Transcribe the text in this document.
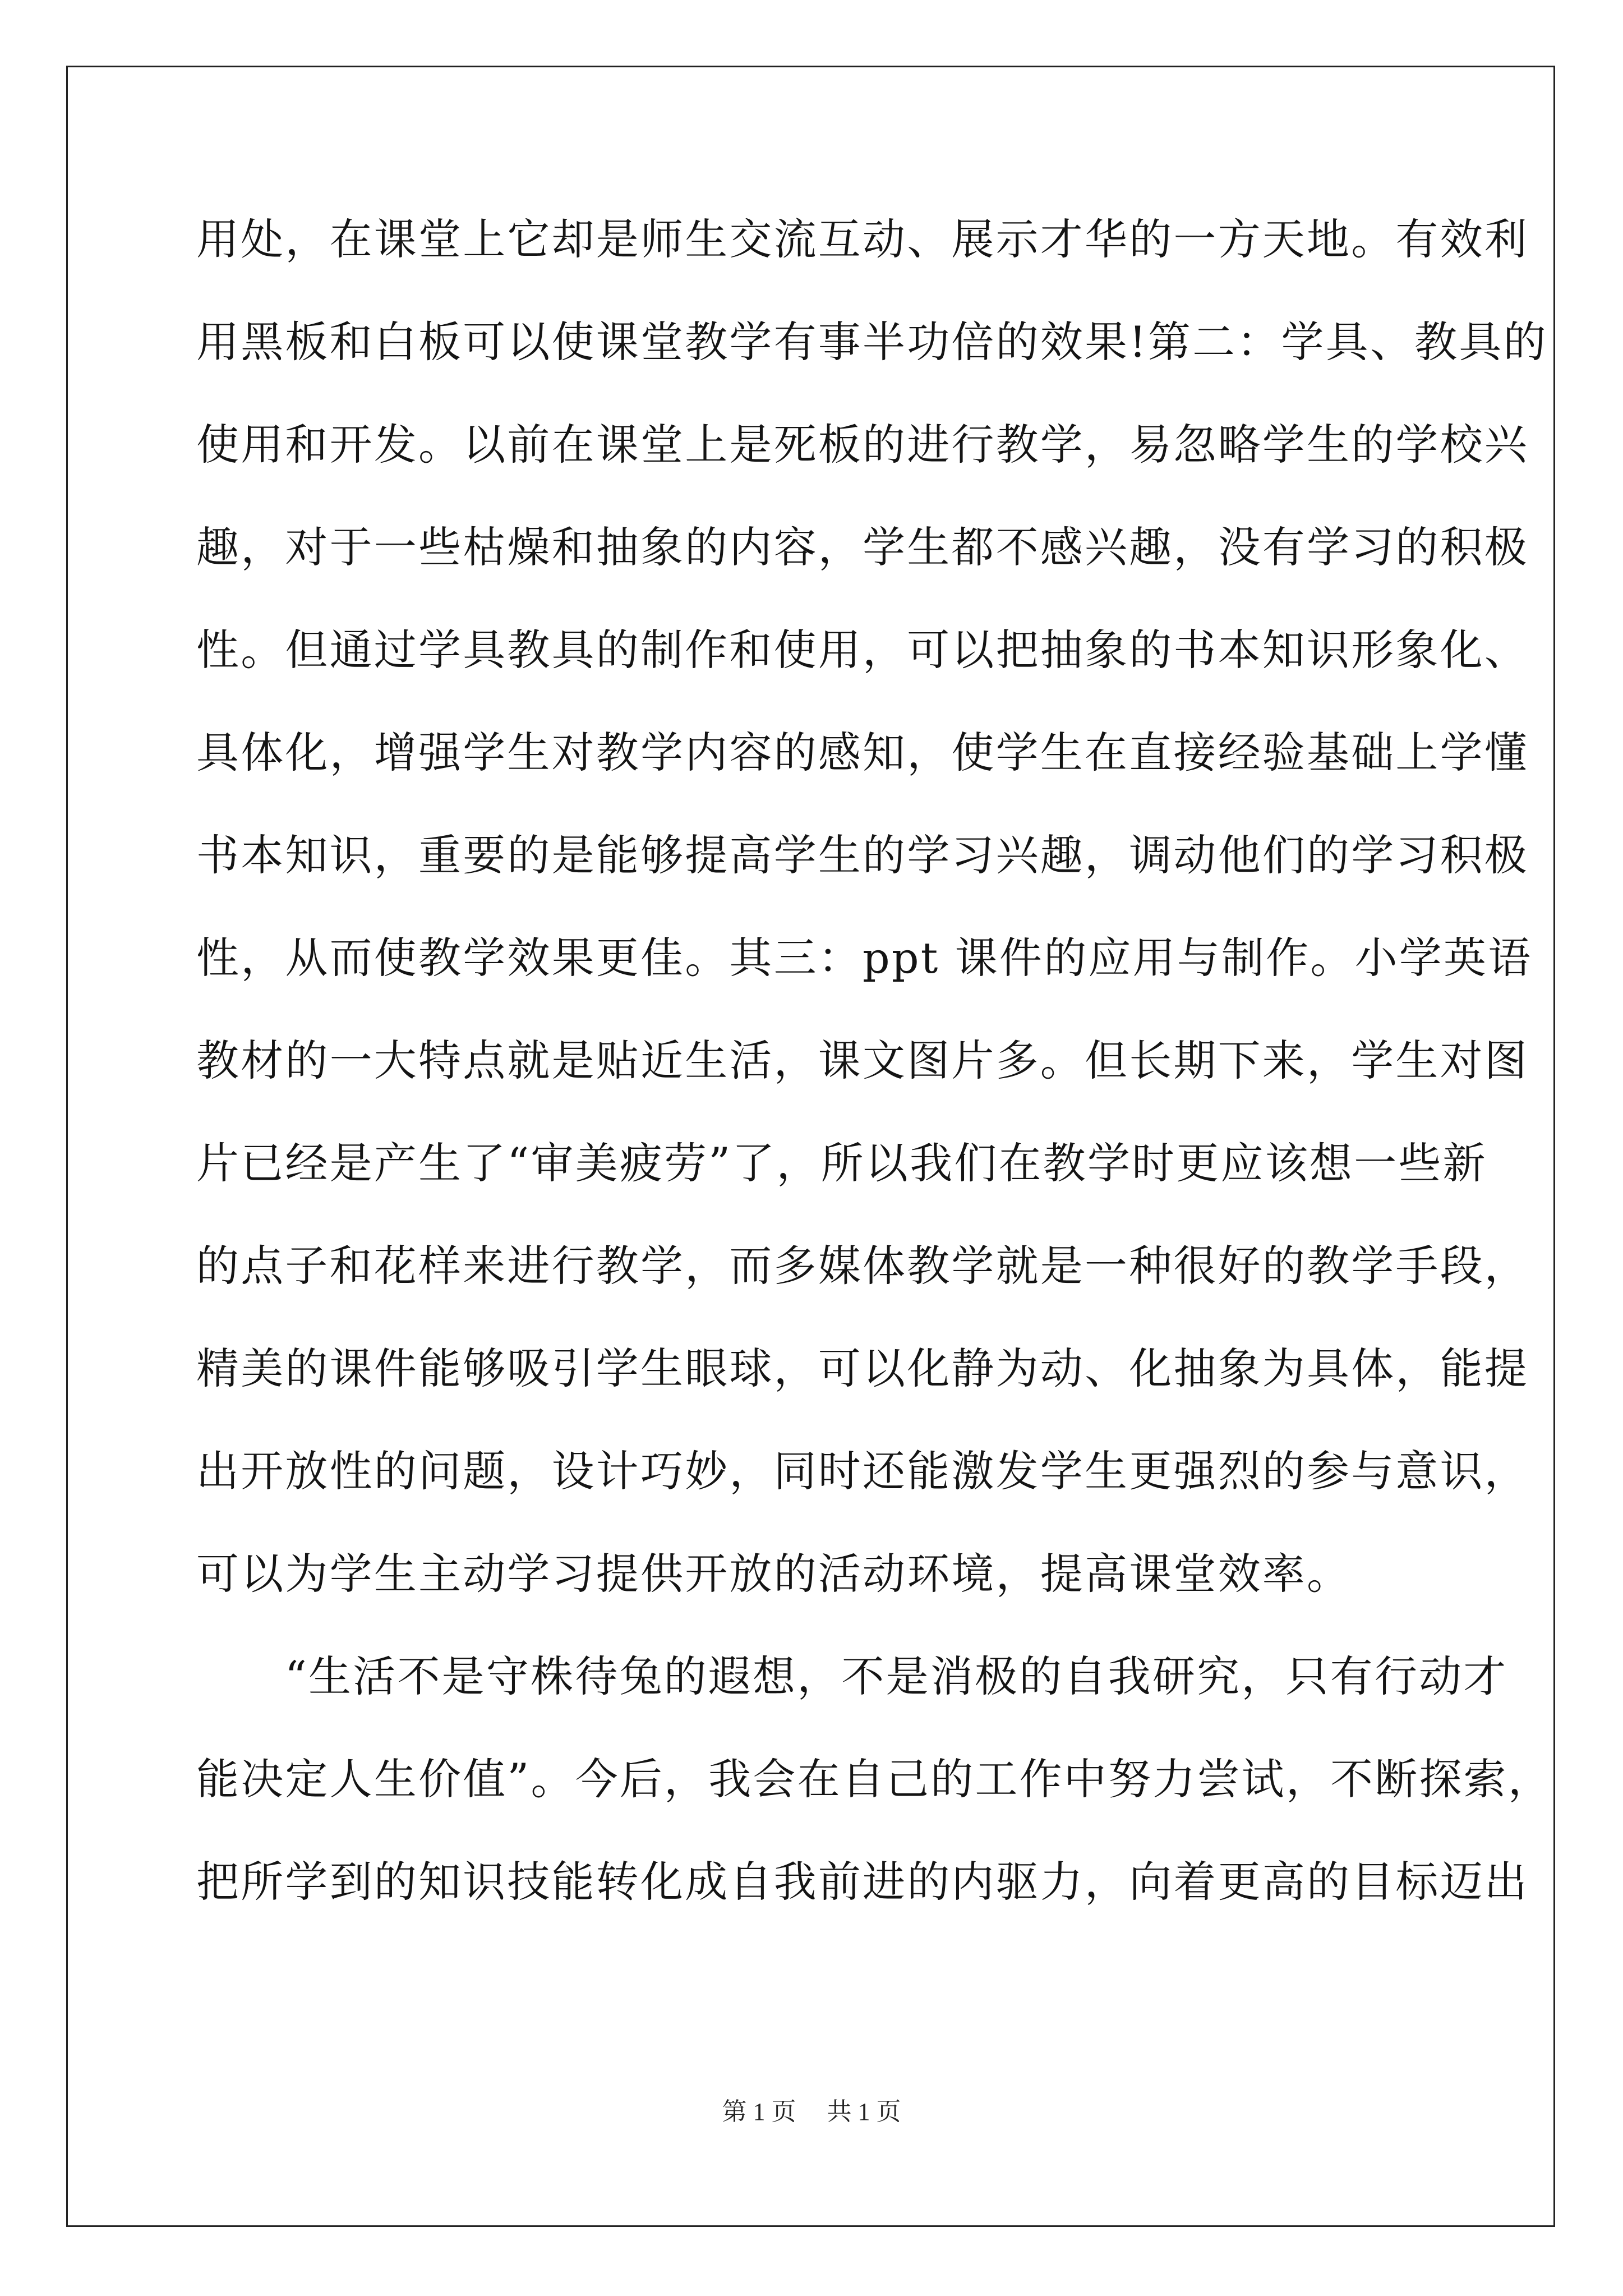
用处，在课堂上它却是师生交流互动、展示才华的一方天地。有效利
用黑板和白板可以使课堂教学有事半功倍的效果!第二：学具、教具的
使用和开发。以前在课堂上是死板的进行教学，易忽略学生的学校兴
趣，对于一些枯燥和抽象的内容，学生都不感兴趣，没有学习的积极
性。但通过学具教具的制作和使用，可以把抽象的书本知识形象化、
具体化，增强学生对教学内容的感知，使学生在直接经验基础上学懂
书本知识，重要的是能够提高学生的学习兴趣，调动他们的学习积极
性，从而使教学效果更佳。其三：ppt 课件的应用与制作。小学英语
教材的一大特点就是贴近生活，课文图片多。但长期下来，学生对图
片已经是产生了“审美疲劳”了，所以我们在教学时更应该想一些新
的点子和花样来进行教学，而多媒体教学就是一种很好的教学手段，
精美的课件能够吸引学生眼球，可以化静为动、化抽象为具体，能提
出开放性的问题，设计巧妙，同时还能激发学生更强烈的参与意识，
可以为学生主动学习提供开放的活动环境，提高课堂效率。
“生活不是守株待兔的遐想，不是消极的自我研究，只有行动才
能决定人生价值”。今后，我会在自己的工作中努力尝试，不断探索，
把所学到的知识技能转化成自我前进的内驱力，向着更高的目标迈出
第 1 页 共 1 页
